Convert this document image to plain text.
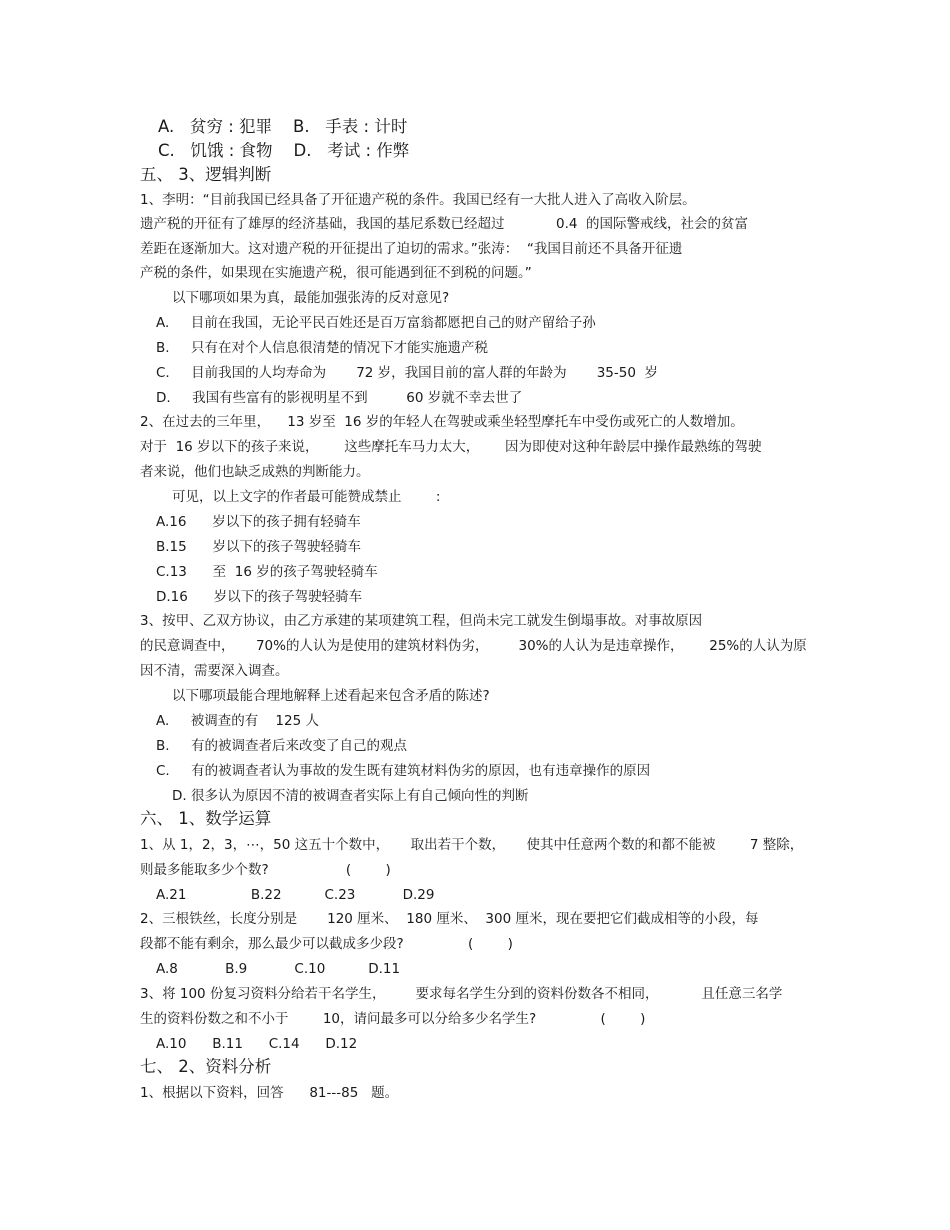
A.   贫穷 : 犯罪    B.   手表 : 计时
C.   饥饿 : 食物    D.   考试 : 作弊
五、 3、逻辑判断
1、李明：“目前我国已经具备了开征遗产税的条件。我国已经有一大批人进入了高收入阶层。
遗产税的开征有了雄厚的经济基础，我国的基尼系数已经超过            0.4  的国际警戒线，社会的贫富
差距在逐渐加大。这对遗产税的开征提出了迫切的需求。”张涛：  “我国目前还不具备开征遗
产税的条件，如果现在实施遗产税，很可能遇到征不到税的问题。”
以下哪项如果为真，最能加强张涛的反对意见?
A.     目前在我国，无论平民百姓还是百万富翁都愿把自己的财产留给子孙
B.     只有在对个人信息很清楚的情况下才能实施遗产税
C.     目前我国的人均寿命为       72 岁，我国目前的富人群的年龄为       35-50  岁
D.     我国有些富有的影视明星不到         60 岁就不幸去世了
2、在过去的三年里，    13 岁至  16 岁的年轻人在驾驶或乘坐轻型摩托车中受伤或死亡的人数增加。
对于  16 岁以下的孩子来说，      这些摩托车马力太大，      因为即使对这种年龄层中操作最熟练的驾驶
者来说，他们也缺乏成熟的判断能力。
可见，以上文字的作者最可能赞成禁止        :
A.16      岁以下的孩子拥有轻骑车
B.15      岁以下的孩子驾驶轻骑车
C.13      至  16 岁的孩子驾驶轻骑车
D.16      岁以下的孩子驾驶轻骑车
3、按甲、乙双方协议，由乙方承建的某项建筑工程，但尚未完工就发生倒塌事故。对事故原因
的民意调查中，     70%的人认为是使用的建筑材料伪劣，       30%的人认为是违章操作，      25%的人认为原
因不清，需要深入调查。
以下哪项最能合理地解释上述看起来包含矛盾的陈述?
A.     被调查的有    125 人
B.     有的被调查者后来改变了自己的观点
C.     有的被调查者认为事故的发生既有建筑材料伪劣的原因，也有违章操作的原因
D. 很多认为原因不清的被调查者实际上有自己倾向性的判断
六、 1、数学运算
1、从 1，2，3，⋯，50 这五十个数中，     取出若干个数，     使其中任意两个数的和都不能被        7 整除，
则最多能取多少个数?                  (        )
A.21               B.22          C.23           D.29
2、三根铁丝，长度分别是       120 厘米、  180 厘米、  300 厘米，现在要把它们截成相等的小段，每
段都不能有剩余，那么最少可以截成多少段?               (        )
A.8           B.9           C.10          D.11
3、将 100 份复习资料分给若干名学生，       要求每名学生分到的资料份数各不相同，          且任意三名学
生的资料份数之和不小于        10，请问最多可以分给多少名学生?               (        )
A.10      B.11      C.14      D.12
七、 2、资料分析
1、根据以下资料，回答      81---85   题。
